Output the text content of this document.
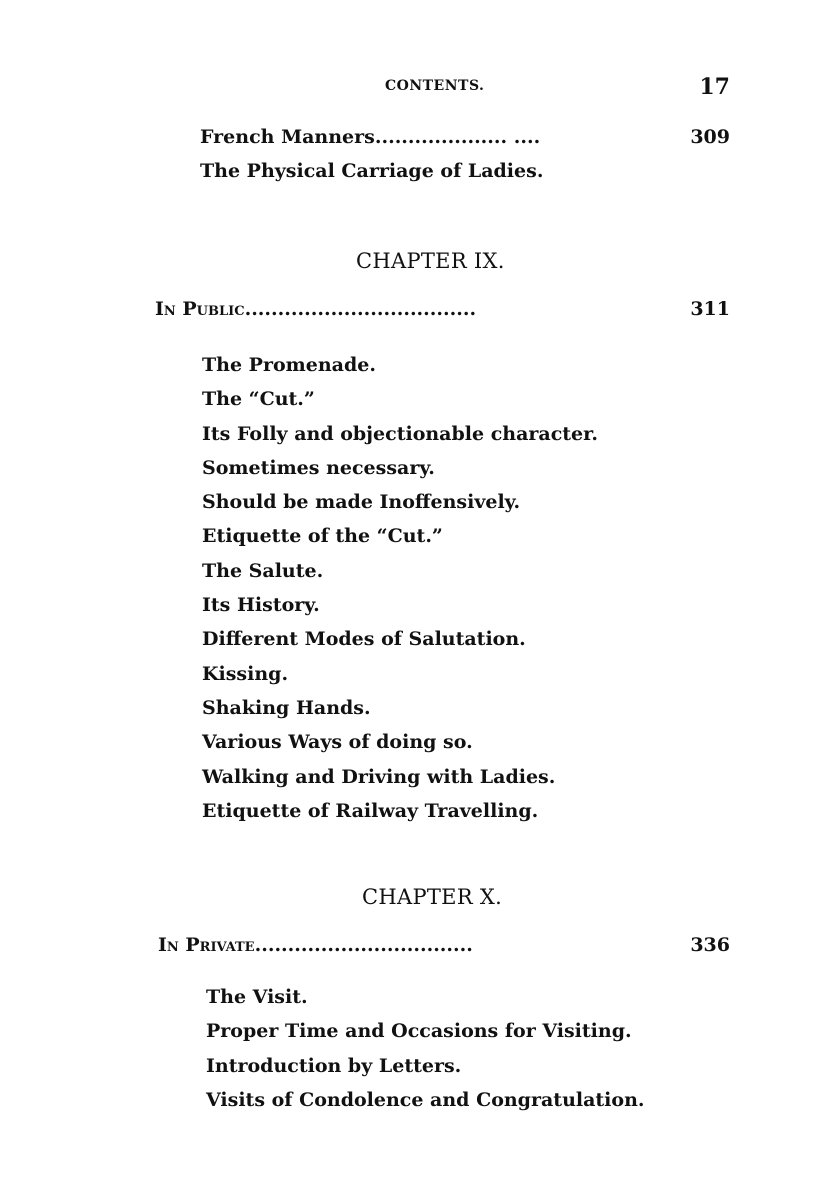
CONTENTS.	17
French Manners.................... ....	309
The Physical Carriage of Ladies.
CHAPTER IX.
In Public...................................	311
The Promenade.
The “Cut.”
Its Folly and objectionable character.
Sometimes necessary.
Should be made Inoffensively.
Etiquette of the “Cut.”
The Salute.
Its History.
Different Modes of Salutation.
Kissing.
Shaking Hands.
Various Ways of doing so.
Walking and Driving with Ladies.
Etiquette of Railway Travelling.
CHAPTER X.
In Private.................................	336
The Visit.
Proper Time and Occasions for Visiting.
Introduction by Letters.
Visits of Condolence and Congratulation.
